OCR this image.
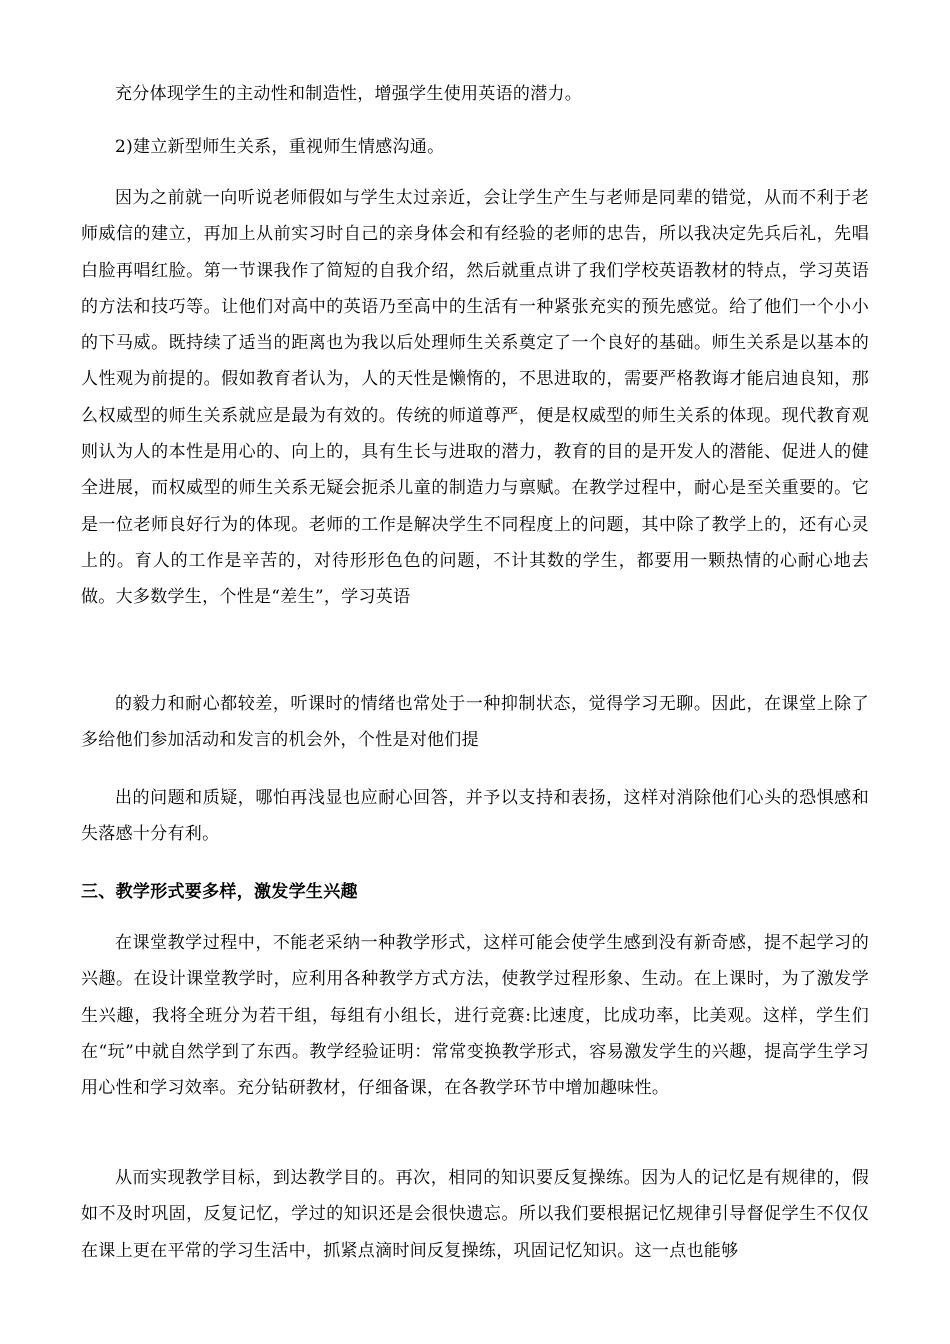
充分体现学生的主动性和制造性，增强学生使用英语的潜力。

2)建立新型师生关系，重视师生情感沟通。

因为之前就一向听说老师假如与学生太过亲近，会让学生产生与老师是同辈的错觉，从而不利于老师威信的建立，再加上从前实习时自己的亲身体会和有经验的老师的忠告，所以我决定先兵后礼，先唱白脸再唱红脸。第一节课我作了简短的自我介绍，然后就重点讲了我们学校英语教材的特点，学习英语的方法和技巧等。让他们对高中的英语乃至高中的生活有一种紧张充实的预先感觉。给了他们一个小小的下马威。既持续了适当的距离也为我以后处理师生关系奠定了一个良好的基础。师生关系是以基本的人性观为前提的。假如教育者认为，人的天性是懒惰的，不思进取的，需要严格教诲才能启迪良知，那么权威型的师生关系就应是最为有效的。传统的师道尊严，便是权威型的师生关系的体现。现代教育观则认为人的本性是用心的、向上的，具有生长与进取的潜力，教育的目的是开发人的潜能、促进人的健全进展，而权威型的师生关系无疑会扼杀儿童的制造力与禀赋。在教学过程中，耐心是至关重要的。它是一位老师良好行为的体现。老师的工作是解决学生不同程度上的问题，其中除了教学上的，还有心灵上的。育人的工作是辛苦的，对待形形色色的问题，不计其数的学生，都要用一颗热情的心耐心地去做。大多数学生，个性是“差生”，学习英语

的毅力和耐心都较差，听课时的情绪也常处于一种抑制状态，觉得学习无聊。因此，在课堂上除了多给他们参加活动和发言的机会外，个性是对他们提

出的问题和质疑，哪怕再浅显也应耐心回答，并予以支持和表扬，这样对消除他们心头的恐惧感和失落感十分有利。

三、教学形式要多样，激发学生兴趣

在课堂教学过程中，不能老采纳一种教学形式，这样可能会使学生感到没有新奇感，提不起学习的兴趣。在设计课堂教学时，应利用各种教学方式方法，使教学过程形象、生动。在上课时，为了激发学生兴趣，我将全班分为若干组，每组有小组长，进行竞赛:比速度，比成功率，比美观。这样，学生们在“玩”中就自然学到了东西。教学经验证明：常常变换教学形式，容易激发学生的兴趣，提高学生学习用心性和学习效率。充分钻研教材，仔细备课，在各教学环节中增加趣味性。

从而实现教学目标，到达教学目的。再次，相同的知识要反复操练。因为人的记忆是有规律的，假如不及时巩固，反复记忆，学过的知识还是会很快遗忘。所以我们要根据记忆规律引导督促学生不仅仅在课上更在平常的学习生活中，抓紧点滴时间反复操练，巩固记忆知识。这一点也能够
